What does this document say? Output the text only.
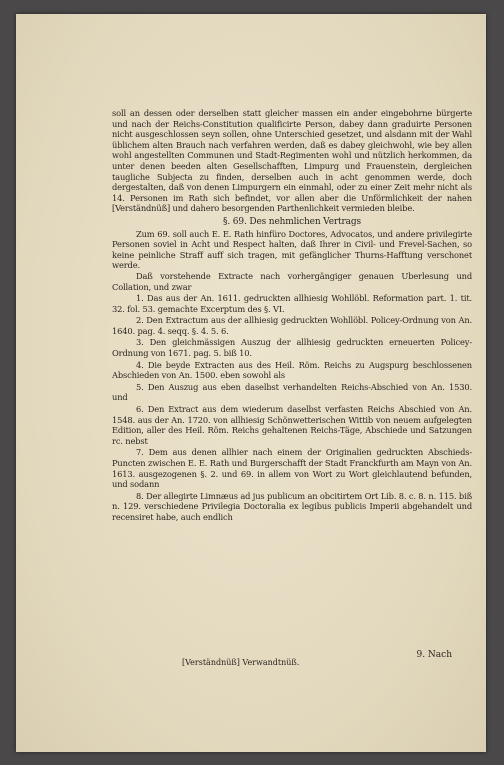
soll an dessen oder derselben statt gleicher massen ein ander eingebohrne bürgerte und nach der Reichs-Constitution qualificirte Person, dabey dann graduirte Personen nicht ausgeschlossen seyn sollen, ohne Unterschied gesetzet, und alsdann mit der Wahl üblichem alten Brauch nach verfahren werden, daß es dabey gleichwohl, wie bey allen wohl angestellten Communen und Stadt-Regimenten wohl und nützlich herkommen, da unter denen beeden alten Gesellschafften, Limpurg und Frauenstein, dergleichen taugliche Subjecta zu finden, derselben auch in acht genommen werde, doch dergestalten, daß von denen Limpurgern ein einmahl, oder zu einer Zeit mehr nicht als 14. Personen im Rath sich befindet, vor allen aber die Unförmlichkeit der nahen [Verständnüß] und dahero besorgenden Parthenlichkeit vermieden bleibe.

§. 69. Des nehmlichen Vertrags

Zum 69. soll auch E. E. Rath hinfüro Doctores, Advocatos, und andere privilegirte Personen soviel in Acht und Respect halten, daß Ihrer in Civil- und Frevel-Sachen, so keine peinliche Straff auff sich tragen, mit gefänglicher Thurns-Hafftung verschonet werde.

Daß vorstehende Extracte nach vorhergängiger genauen Uberlesung und Collation, und zwar

1. Das aus der An. 1611. gedruckten allhiesig Wohllöbl. Reformation part. 1. tit. 32. fol. 53. gemachte Excerptum des §. VI.

2. Den Extractum aus der allhiesig gedruckten Wohllöbl. Policey-Ordnung von An. 1640. pag. 4. seqq. §. 4. 5. 6.

3. Den gleichmässigen Auszug der allhiesig gedruckten erneuerten Policey-Ordnung von 1671. pag. 5. biß 10.

4. Die beyde Extracten aus des Heil. Röm. Reichs zu Augspurg beschlossenen Abschieden von An. 1500. eben sowohl als

5. Den Auszug aus eben daselbst verhandelten Reichs-Abschied von An. 1530. und

6. Den Extract aus dem wiederum daselbst verfasten Reichs Abschied von An. 1548. aus der An. 1720. von allhiesig Schönwetterischen Wittib von neuem aufgelegten Edition, aller des Heil. Röm. Reichs gehaltenen Reichs-Täge, Abschiede und Satzungen rc. nebst

7. Dem aus denen allhier nach einem der Originalien gedruckten Abschieds-Puncten zwischen E. E. Rath und Burgerschafft der Stadt Franckfurth am Mayn von An. 1613. ausgezogenen §. 2. und 69. in allem von Wort zu Wort gleichlautend befunden, und sodann

8. Der allegirte Limnæus ad jus publicum an obcitirtem Ort Lib. 8. c. 8. n. 115. biß n. 129. verschiedene Privilegia Doctoralia ex legibus publicis Imperii abgehandelt und recensiret habe, auch endlich

[Verständnüß] Verwandtnüß.
9. Nach
